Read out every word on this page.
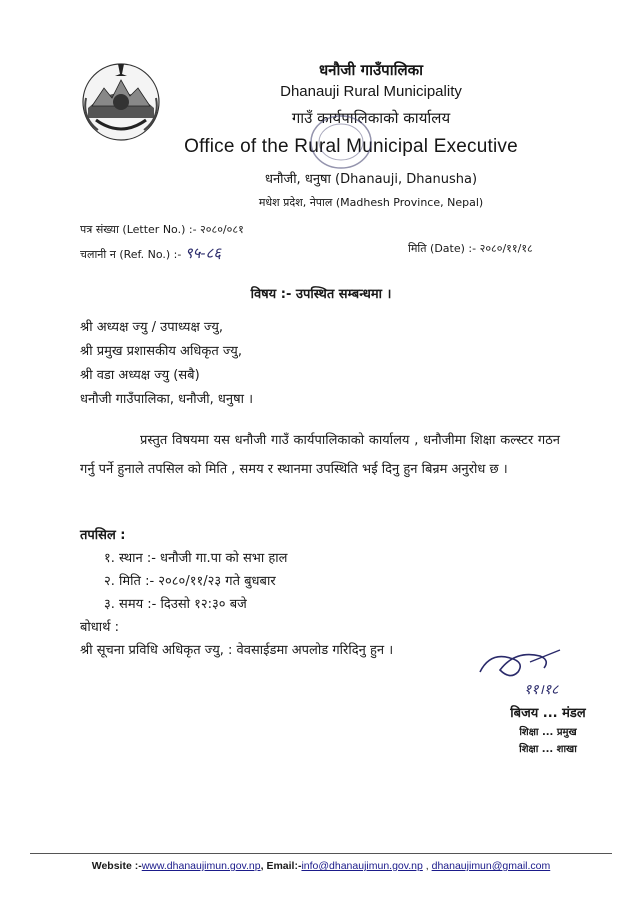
धनौजी गाउँपालिका
Dhanauji Rural Municipality
गाउँ कार्यपालिकाको कार्यालय
Office of the Rural Municipal Executive
धनौजी, धनुषा (Dhanauji, Dhanusha)
मधेश प्रदेश, नेपाल (Madhesh Province, Nepal)
पत्र संख्या (Letter No.) :- २०८०/०८१
चलानी न (Ref. No.) :- ९५-८६	मिति (Date) :- २०८०/११/१८
विषय :- उपस्थित सम्बन्धमा ।
श्री अध्यक्ष ज्यु / उपाध्यक्ष ज्यु,
श्री प्रमुख प्रशासकीय अधिकृत ज्यु,
श्री वडा अध्यक्ष ज्यु (सबै)
धनौजी गाउँपालिका, धनौजी, धनुषा ।
प्रस्तुत विषयमा यस धनौजी गाउँ कार्यपालिकाको कार्यालय , धनौजीमा शिक्षा कल्स्टर गठन गर्नु पर्ने हुनाले तपसिल को मिति , समय र स्थानमा उपस्थिति भई दिनु हुन बिन्रम अनुरोध छ ।
तपसिल :
१. स्थान :- धनौजी गा.पा को सभा हाल
२. मिति :- २०८०/११/२३ गते बुधबार
३. समय :- दिउसो १२:३० बजे
बोधार्थ :
श्री सूचना प्रविधि अधिकृत ज्यु, : वेवसाईडमा अपलोड गरिदिनु हुन ।
११।१८
बिजय ... मंडल
शिक्षा ... प्रमुख
शिक्षा ... शाखा
Website :-www.dhanaujimun.gov.np, Email:-info@dhanaujimun.gov.np , dhanaujimun@gmail.com
